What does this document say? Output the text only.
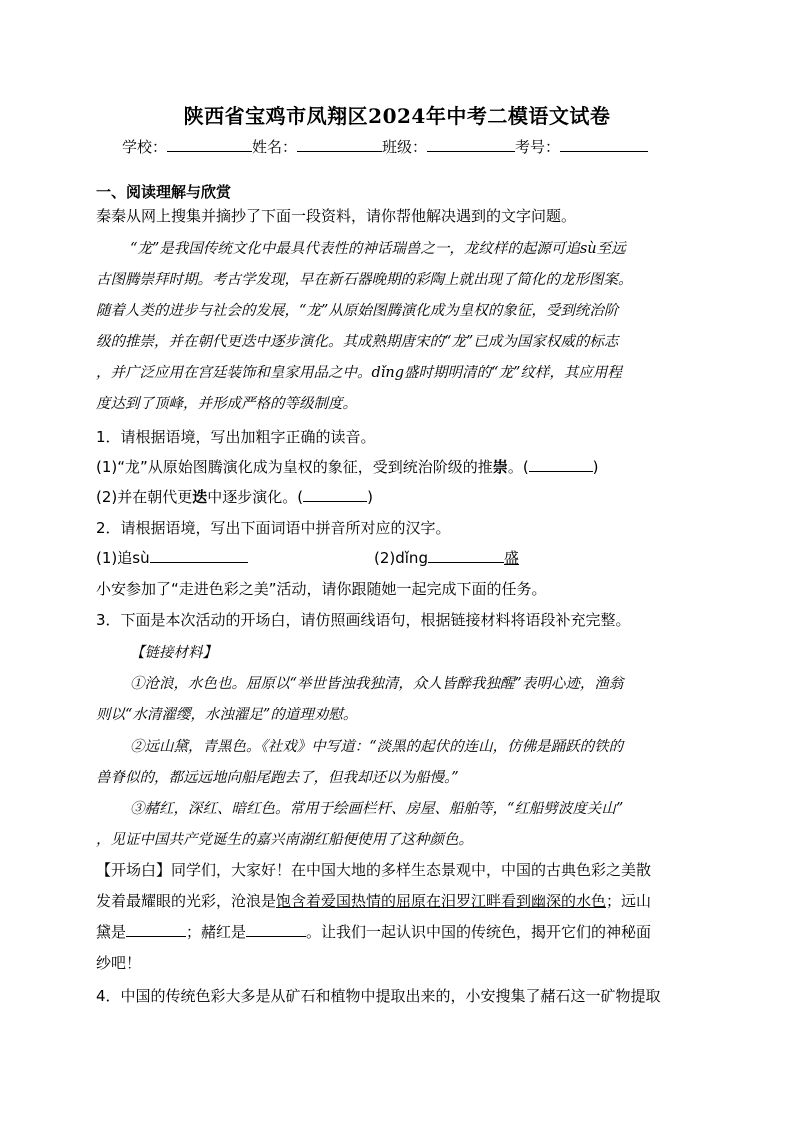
陕西省宝鸡市凤翔区2024年中考二模语文试卷
学校：	姓名：	班级：	考号：
一、阅读理解与欣赏
秦秦从网上搜集并摘抄了下面一段资料，请你帮他解决遇到的文字问题。
“龙”是我国传统文化中最具代表性的神话瑞兽之一，龙纹样的起源可追sù至远
古图腾崇拜时期。考古学发现，早在新石器晚期的彩陶上就出现了简化的龙形图案。
随着人类的进步与社会的发展，“龙”从原始图腾演化成为皇权的象征，受到统治阶
级的推崇，并在朝代更迭中逐步演化。其成熟期唐宋的“龙”已成为国家权威的标志
，并广泛应用在宫廷装饰和皇家用品之中。dǐng盛时期明清的“龙”纹样，其应用程
度达到了顶峰，并形成严格的等级制度。
1．请根据语境，写出加粗字正确的读音。
(1)“龙”从原始图腾演化成为皇权的象征，受到统治阶级的推崇。(	)
(2)并在朝代更迭中逐步演化。(	)
2．请根据语境，写出下面词语中拼音所对应的汉字。
(1)追sù	(2)dǐng	盛
小安参加了“走进色彩之美”活动，请你跟随她一起完成下面的任务。
3．下面是本次活动的开场白，请仿照画线语句，根据链接材料将语段补充完整。
【链接材料】
①沧浪，水色也。屈原以“举世皆浊我独清，众人皆醉我独醒”表明心迹，渔翁
则以“水清濯缨，水浊濯足”的道理劝慰。
②远山黛，青黑色。《社戏》中写道：“淡黑的起伏的连山，仿佛是踊跃的铁的
兽脊似的，都远远地向船尾跑去了，但我却还以为船慢。”
③赭红，深红、暗红色。常用于绘画栏杆、房屋、船舶等，“红船劈波度关山”
，见证中国共产党诞生的嘉兴南湖红船便使用了这种颜色。
【开场白】同学们，大家好！在中国大地的多样生态景观中，中国的古典色彩之美散
发着最耀眼的光彩，沧浪是饱含着爱国热情的屈原在汨罗江畔看到幽深的水色；远山
黛是	；赭红是	。让我们一起认识中国的传统色，揭开它们的神秘面
纱吧！
4．中国的传统色彩大多是从矿石和植物中提取出来的，小安搜集了赭石这一矿物提取
